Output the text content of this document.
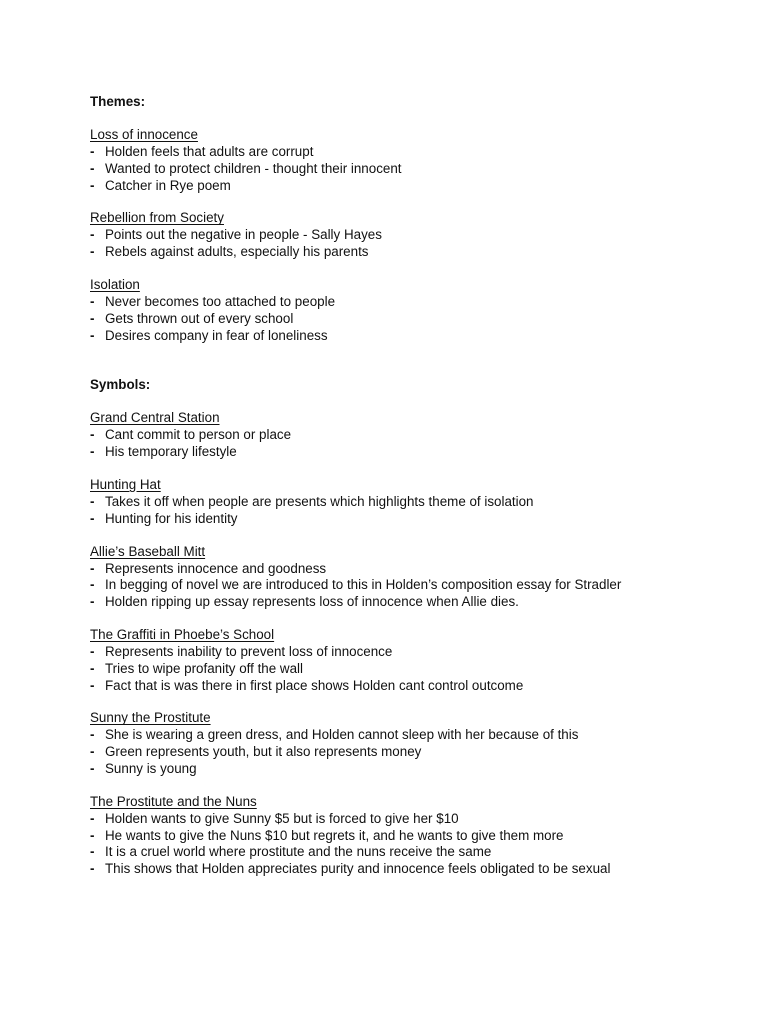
Themes:
Loss of innocence
- Holden feels that adults are corrupt
- Wanted to protect children - thought their innocent
- Catcher in Rye poem
Rebellion from Society
- Points out the negative in people - Sally Hayes
- Rebels against adults, especially his parents
Isolation
- Never becomes too attached to people
- Gets thrown out of every school
- Desires company in fear of loneliness
Symbols:
Grand Central Station
- Cant commit to person or place
- His temporary lifestyle
Hunting Hat
- Takes it off when people are presents which highlights theme of isolation
- Hunting for his identity
Allie’s Baseball Mitt
- Represents innocence and goodness
- In begging of novel we are introduced to this in Holden’s composition essay for Stradler
- Holden ripping up essay represents loss of innocence when Allie dies.
The Graffiti in Phoebe’s School
- Represents inability to prevent loss of innocence
- Tries to wipe profanity off the wall
- Fact that is was there in first place shows Holden cant control outcome
Sunny the Prostitute
- She is wearing a green dress, and Holden cannot sleep with her because of this
- Green represents youth, but it also represents money
- Sunny is young
The Prostitute and the Nuns
- Holden wants to give Sunny $5 but is forced to give her $10
- He wants to give the Nuns $10 but regrets it, and he wants to give them more
- It is a cruel world where prostitute and the nuns receive the same
- This shows that Holden appreciates purity and innocence feels obligated to be sexual
